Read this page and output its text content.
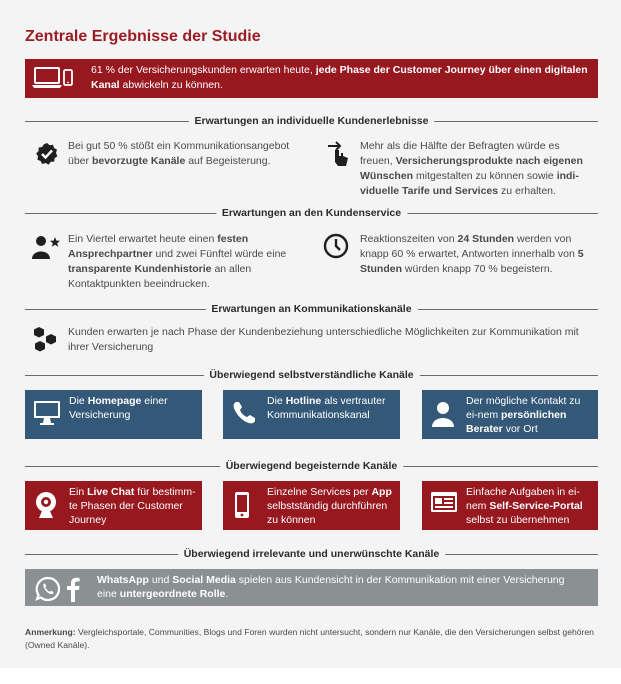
Zentrale Ergebnisse der Studie
61 % der Versicherungskunden erwarten heute, jede Phase der Customer Journey über einen digitalen Kanal abwickeln zu können.
Erwartungen an individuelle Kundenerlebnisse
Bei gut 50 % stößt ein Kommunikationsangebot über bevorzugte Kanäle auf Begeisterung.
Mehr als die Hälfte der Befragten würde es freuen, Versicherungsprodukte nach eigenen Wünschen mitgestalten zu können sowie indi-viduelle Tarife und Services zu erhalten.
Erwartungen an den Kundenservice
Ein Viertel erwartet heute einen festen Ansprechpartner und zwei Fünftel würde eine transparente Kundenhistorie an allen Kontaktpunkten beeindrucken.
Reaktionszeiten von 24 Stunden werden von knapp 60 % erwartet, Antworten innerhalb von 5 Stunden würden knapp 70 % begeistern.
Erwartungen an Kommunikationskanäle
Kunden erwarten je nach Phase der Kundenbeziehung unterschiedliche Möglichkeiten zur Kommunikation mit ihrer Versicherung
Überwiegend selbstverständliche Kanäle
Die Homepage einer Versicherung
Die Hotline als vertrauter Kommunikationskanal
Der mögliche Kontakt zu ei-nem persönlichen Berater vor Ort
Überwiegend begeisternde Kanäle
Ein Live Chat für bestimm-te Phasen der Customer Journey
Einzelne Services per App selbstständig durchführen zu können
Einfache Aufgaben in ei-nem Self-Service-Portal selbst zu übernehmen
Überwiegend irrelevante und unerwünschte Kanäle
WhatsApp und Social Media spielen aus Kundensicht in der Kommunikation mit einer Versicherung eine untergeordnete Rolle.
Anmerkung: Vergleichsportale, Communities, Blogs und Foren wurden nicht untersucht, sondern nur Kanäle, die den Versicherungen selbst gehören (Owned Kanäle).
